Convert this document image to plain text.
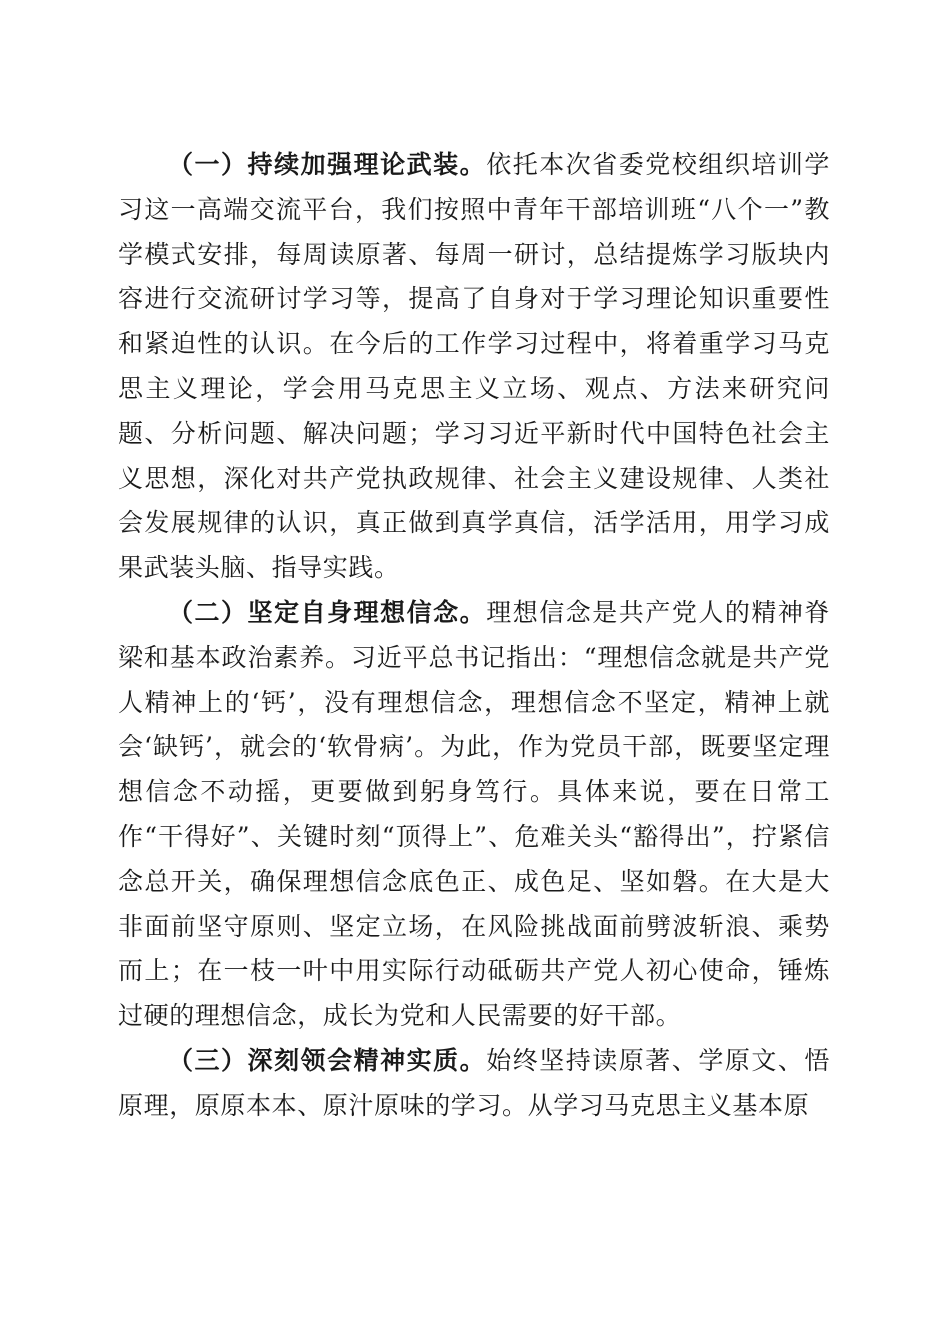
（一）持续加强理论武装。依托本次省委党校组织培训学习这一高端交流平台，我们按照中青年干部培训班“八个一”教学模式安排，每周读原著、每周一研讨，总结提炼学习版块内容进行交流研讨学习等，提高了自身对于学习理论知识重要性和紧迫性的认识。在今后的工作学习过程中，将着重学习马克思主义理论，学会用马克思主义立场、观点、方法来研究问题、分析问题、解决问题；学习习近平新时代中国特色社会主义思想，深化对共产党执政规律、社会主义建设规律、人类社会发展规律的认识，真正做到真学真信，活学活用，用学习成果武装头脑、指导实践。

（二）坚定自身理想信念。理想信念是共产党人的精神脊梁和基本政治素养。习近平总书记指出：“理想信念就是共产党人精神上的‘钙’，没有理想信念，理想信念不坚定，精神上就会‘缺钙’，就会的‘软骨病’。为此，作为党员干部，既要坚定理想信念不动摇，更要做到躬身笃行。具体来说，要在日常工作“干得好”、关键时刻“顶得上”、危难关头“豁得出”，拧紧信念总开关，确保理想信念底色正、成色足、坚如磐。在大是大非面前坚守原则、坚定立场，在风险挑战面前劈波斩浪、乘势而上；在一枝一叶中用实际行动砥砺共产党人初心使命，锤炼过硬的理想信念，成长为党和人民需要的好干部。

（三）深刻领会精神实质。始终坚持读原著、学原文、悟原理，原原本本、原汁原味的学习。从学习马克思主义基本原
